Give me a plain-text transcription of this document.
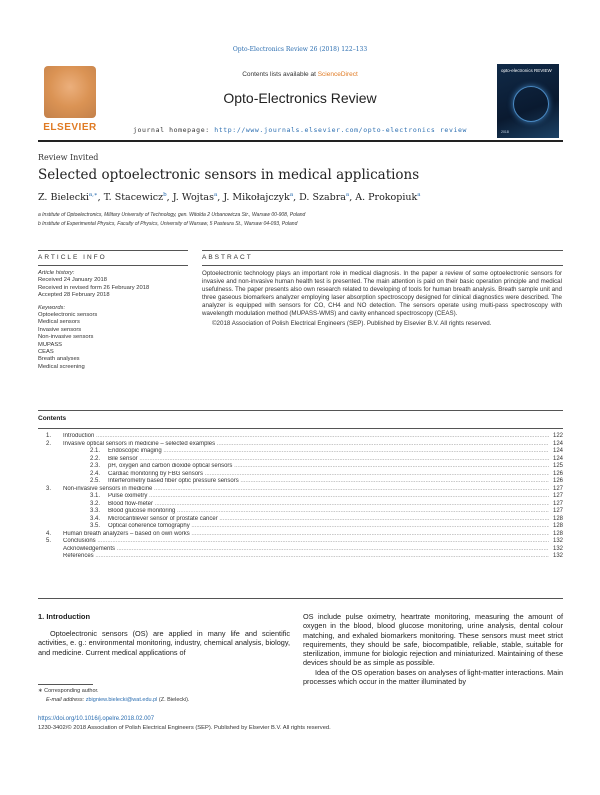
Opto-Electronics Review 26 (2018) 122–133
ELSEVIER
Contents lists available at ScienceDirect
Opto-Electronics Review
journal homepage: http://www.journals.elsevier.com/opto-electronics review
opto-electronics REVIEW
2018
Review Invited
Selected optoelectronic sensors in medical applications
Z. Bielecki$^{a,∗}$, T. Stacewicz$^b$, J. Wojtas$^a$, J. Mikołajczyk$^a$, D. Szabra$^a$, A. Prokopiuk$^a$
a Institute of Optoelectronics, Military University of Technology, gen. Witolda 2 Urbanowicza Str., Warsaw 00-908, Poland
b Institute of Experimental Physics, Faculty of Physics, University of Warsaw, 5 Pasteura St., Warsaw 04-093, Poland
ARTICLE INFO	ABSTRACT
Article history:
Received 24 January 2018
Received in revised form 26 February 2018
Accepted 28 February 2018
Keywords:
Optoelectronic sensors
Medical sensors
Invasive sensors
Non-invasive sensors
MUPASS
CEAS
Breath analyses
Medical screening
Optoelectronic technology plays an important role in medical diagnosis. In the paper a review of some optoelectronic sensors for invasive and non-invasive human health test is presented. The main attention is paid on their basic operation principle and medical usefulness. The paper presents also own research related to developing of tools for human breath analysis. Breath sample unit and three gaseous biomarkers analyzer employing laser absorption spectroscopy designed for clinical diagnostics were described. The analyzer is equipped with sensors for CO, CH4 and NO detection. The sensors operate using multi-pass spectroscopy with wavelength modulation method (MUPASS-WMS) and cavity enhanced spectroscopy (CEAS).
©2018 Association of Polish Electrical Engineers (SEP). Published by Elsevier B.V. All rights reserved.
Contents
1. Introduction .....	122
2. Invasive optical sensors in medicine – selected examples .....	124
2.1. Endoscopic imaging .....	124
2.2. Bile sensor .....	124
2.3. pH, oxygen and carbon dioxide optical sensors .....	125
2.4. Cardiac monitoring by FBG sensors .....	126
2.5. Interferometry based fiber optic pressure sensors .....	126
3. Non-invasive sensors in medicine .....	127
3.1. Pulse oximetry .....	127
3.2. Blood flow-meter .....	127
3.3. Blood glucose monitoring .....	127
3.4. Microcantilever sensor of prostate cancer .....	128
3.5. Optical coherence tomography .....	128
4. Human breath analyzers – based on own works .....	128
5. Conclusions .....	132
Acknowledgements .....	132
References .....	132
1. Introduction

Optoelectronic sensors (OS) are applied in many life and scientific activities, e. g.: environmental monitoring, industry, chemical analysis, biology, and medicine. Current medical applications of

OS include pulse oximetry, heartrate monitoring, measuring the amount of oxygen in the blood, blood glucose monitoring, urine analysis, dental colour matching, and exhaled biomarkers monitoring. These sensors must meet strict requirements, they should be safe, biocompatible, reliable, stable, suitable for sterilization, immune for biologic rejection and miniaturized. Maintaining of these devices should be as simple as possible.

Idea of the OS operation bases on analyses of light-matter interactions. Main processes which occur in the matter illuminated by

∗ Corresponding author.
E-mail address: zbigniew.bielecki@wat.edu.pl (Z. Bielecki).
https://doi.org/10.1016/j.opelre.2018.02.007
1230-3402/© 2018 Association of Polish Electrical Engineers (SEP). Published by Elsevier B.V. All rights reserved.
